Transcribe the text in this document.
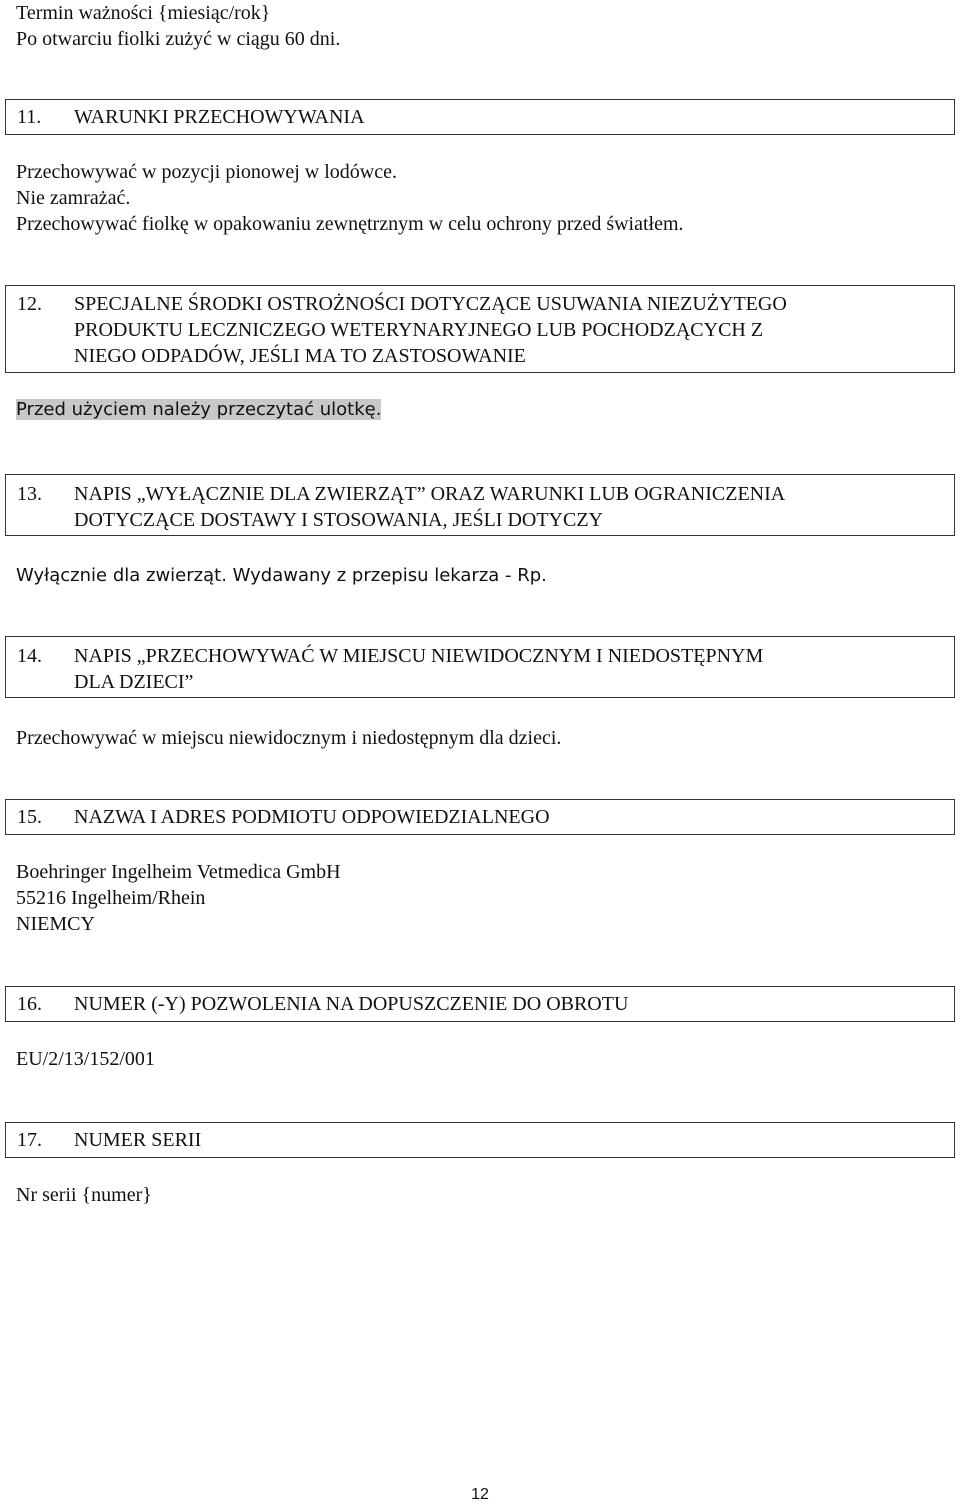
Termin ważności {miesiąc/rok}
Po otwarciu fiolki zużyć w ciągu 60 dni.
11. WARUNKI PRZECHOWYWANIA
Przechowywać w pozycji pionowej w lodówce.
Nie zamrażać.
Przechowywać fiolkę w opakowaniu zewnętrznym w celu ochrony przed światłem.
12. SPECJALNE ŚRODKI OSTROŻNOŚCI DOTYCZĄCE USUWANIA NIEZUŻYTEGO
PRODUKTU LECZNICZEGO WETERYNARYJNEGO LUB POCHODZĄCYCH Z
NIEGO ODPADÓW, JEŚLI MA TO ZASTOSOWANIE
Przed użyciem należy przeczytać ulotkę.
13. NAPIS „WYŁĄCZNIE DLA ZWIERZĄT” ORAZ WARUNKI LUB OGRANICZENIA
DOTYCZĄCE DOSTAWY I STOSOWANIA, JEŚLI DOTYCZY
Wyłącznie dla zwierząt. Wydawany z przepisu lekarza - Rp.
14. NAPIS „PRZECHOWYWAĆ W MIEJSCU NIEWIDOCZNYM I NIEDOSTĘPNYM
DLA DZIECI”
Przechowywać w miejscu niewidocznym i niedostępnym dla dzieci.
15. NAZWA I ADRES PODMIOTU ODPOWIEDZIALNEGO
Boehringer Ingelheim Vetmedica GmbH
55216 Ingelheim/Rhein
NIEMCY
16. NUMER (-Y) POZWOLENIA NA DOPUSZCZENIE DO OBROTU
EU/2/13/152/001
17. NUMER SERII
Nr serii {numer}
12
